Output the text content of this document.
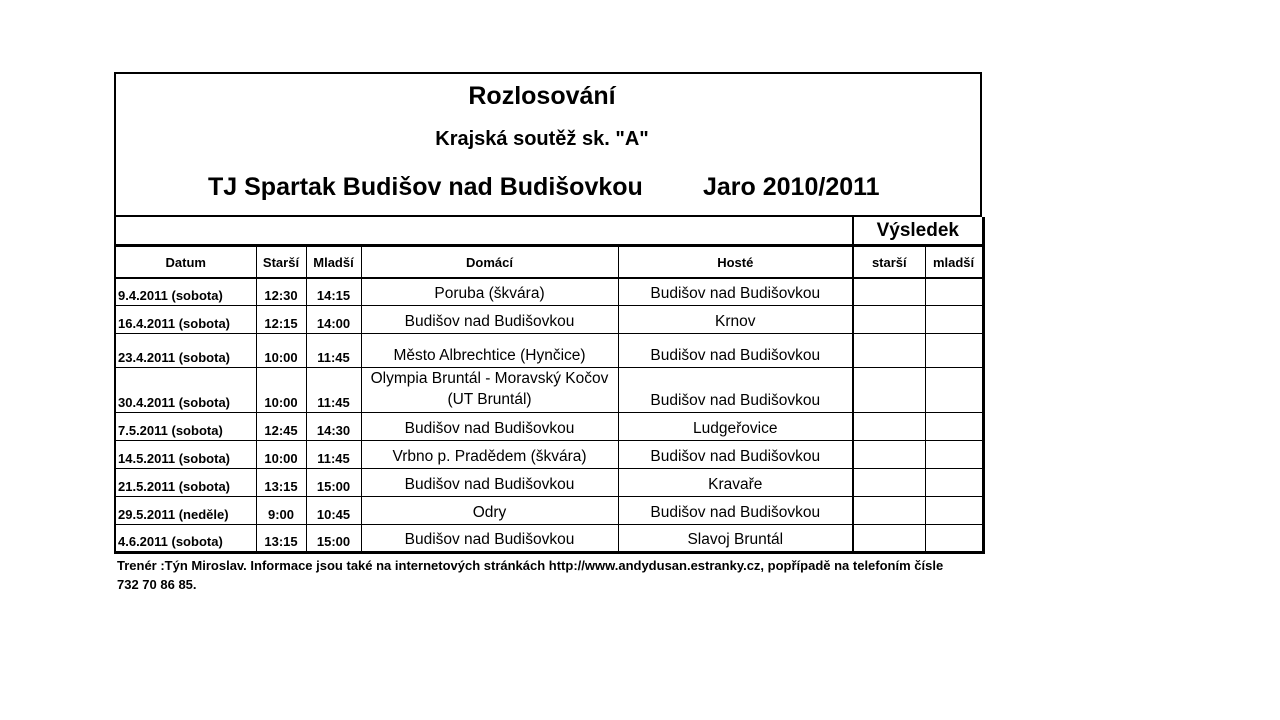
Rozlosování
Krajská soutěž sk. "A"
TJ Spartak Budišov nad Budišovkou Jaro 2010/2011
					Výsledek	
Datum	Starší	Mladší	Domácí	Hosté	starší	mladší
9.4.2011 (sobota)	12:30	14:15	Poruba (škvára)	Budišov nad Budišovkou		
16.4.2011 (sobota)	12:15	14:00	Budišov nad Budišovkou	Krnov		
23.4.2011 (sobota)	10:00	11:45	Město Albrechtice (Hynčice)	Budišov nad Budišovkou		
30.4.2011 (sobota)	10:00	11:45	Olympia Bruntál - Moravský Kočov (UT Bruntál)	Budišov nad Budišovkou		
7.5.2011 (sobota)	12:45	14:30	Budišov nad Budišovkou	Ludgeřovice		
14.5.2011 (sobota)	10:00	11:45	Vrbno p. Pradědem (škvára)	Budišov nad Budišovkou		
21.5.2011 (sobota)	13:15	15:00	Budišov nad Budišovkou	Kravaře		
29.5.2011 (neděle)	9:00	10:45	Odry	Budišov nad Budišovkou		
4.6.2011 (sobota)	13:15	15:00	Budišov nad Budišovkou	Slavoj Bruntál		
Trenér :Týn Miroslav. Informace jsou také na internetových stránkách http://www.andydusan.estranky.cz, popřípadě na telefoním čísle 732 70 86 85.
